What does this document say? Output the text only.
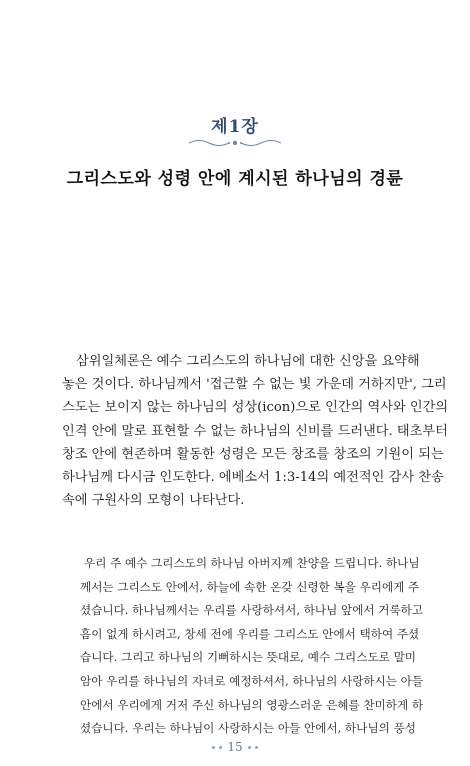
제1장
그리스도와 성령 안에 계시된 하나님의 경륜
삼위일체론은 예수 그리스도의 하나님에 대한 신앙을 요약해
놓은 것이다. 하나님께서 '접근할 수 없는 빛 가운데 거하지만', 그리
스도는 보이지 않는 하나님의 성상(icon)으로 인간의 역사와 인간의
인격 안에 말로 표현할 수 없는 하나님의 신비를 드러낸다. 태초부터
창조 안에 현존하며 활동한 성령은 모든 창조를 창조의 기원이 되는
하나님께 다시금 인도한다. 에베소서 1:3-14의 예전적인 감사 찬송
속에 구원사의 모형이 나타난다.
우리 주 예수 그리스도의 하나님 아버지께 찬양을 드립니다. 하나님
께서는 그리스도 안에서, 하늘에 속한 온갖 신령한 복을 우리에게 주
셨습니다. 하나님께서는 우리를 사랑하셔서, 하나님 앞에서 거룩하고
흠이 없게 하시려고, 창세 전에 우리를 그리스도 안에서 택하여 주셨
습니다. 그리고 하나님의 기뻐하시는 뜻대로, 예수 그리스도로 말미
암아 우리를 하나님의 자녀로 예정하셔서, 하나님의 사랑하시는 아들
안에서 우리에게 거저 주신 하나님의 영광스러운 은혜를 찬미하게 하
셨습니다. 우리는 하나님이 사랑하시는 아들 안에서, 하나님의 풍성
15
